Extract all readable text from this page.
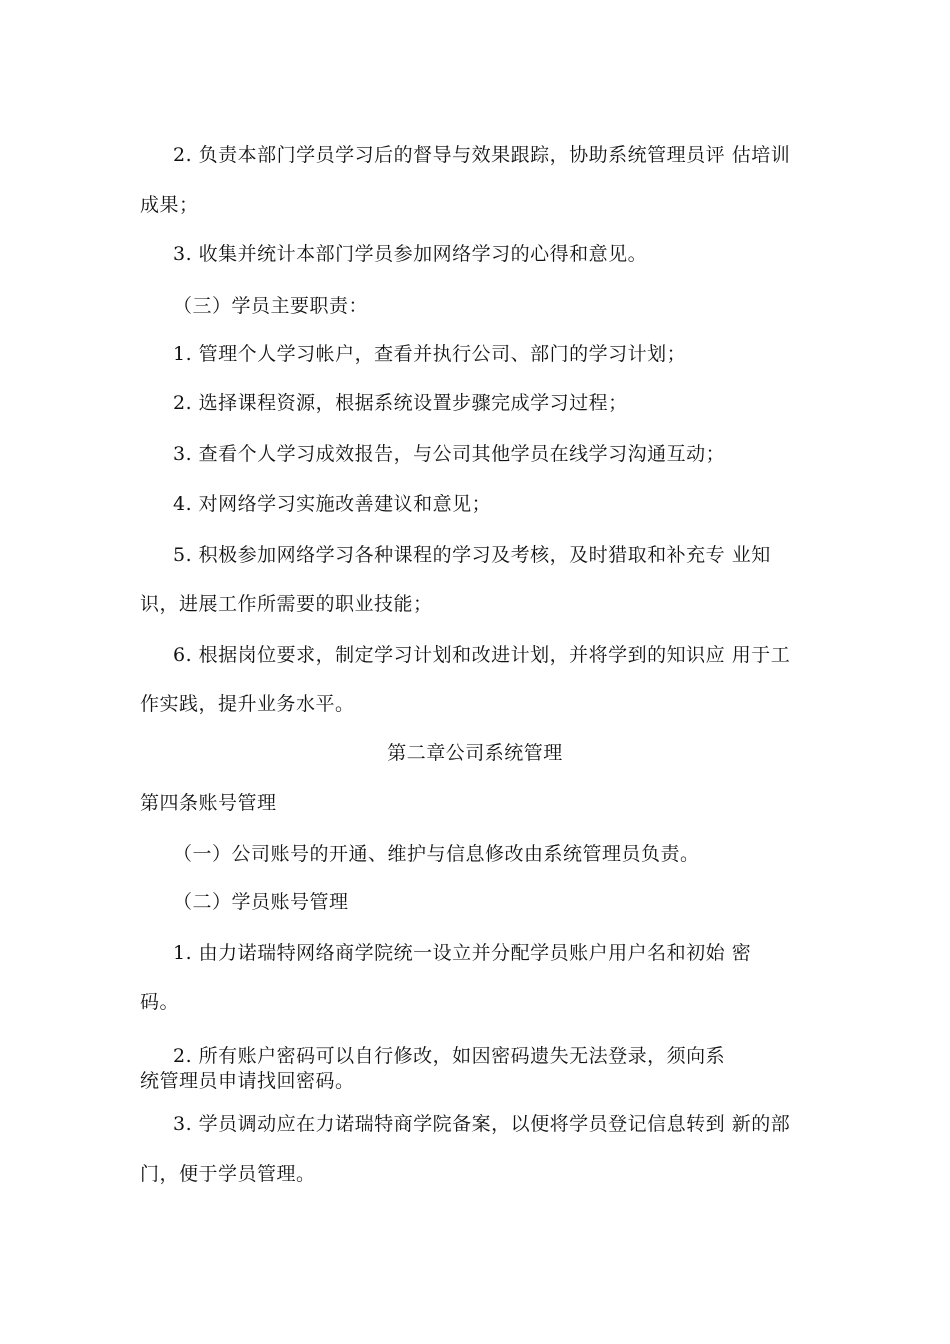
2. 负责本部门学员学习后的督导与效果跟踪，协助系统管理员评 估培训
成果；
3. 收集并统计本部门学员参加网络学习的心得和意见。
（三）学员主要职责：
1. 管理个人学习帐户，查看并执行公司、部门的学习计划；
2. 选择课程资源，根据系统设置步骤完成学习过程；
3. 查看个人学习成效报告，与公司其他学员在线学习沟通互动；
4. 对网络学习实施改善建议和意见；
5. 积极参加网络学习各种课程的学习及考核，及时猎取和补充专 业知
识，进展工作所需要的职业技能；
6. 根据岗位要求，制定学习计划和改进计划，并将学到的知识应 用于工
作实践，提升业务水平。
第二章公司系统管理
第四条账号管理
（一）公司账号的开通、维护与信息修改由系统管理员负责。
（二）学员账号管理
1. 由力诺瑞特网络商学院统一设立并分配学员账户用户名和初始 密
码。
2. 所有账户密码可以自行修改，如因密码遗失无法登录，须向系
统管理员申请找回密码。
3. 学员调动应在力诺瑞特商学院备案，以便将学员登记信息转到 新的部
门，便于学员管理。
